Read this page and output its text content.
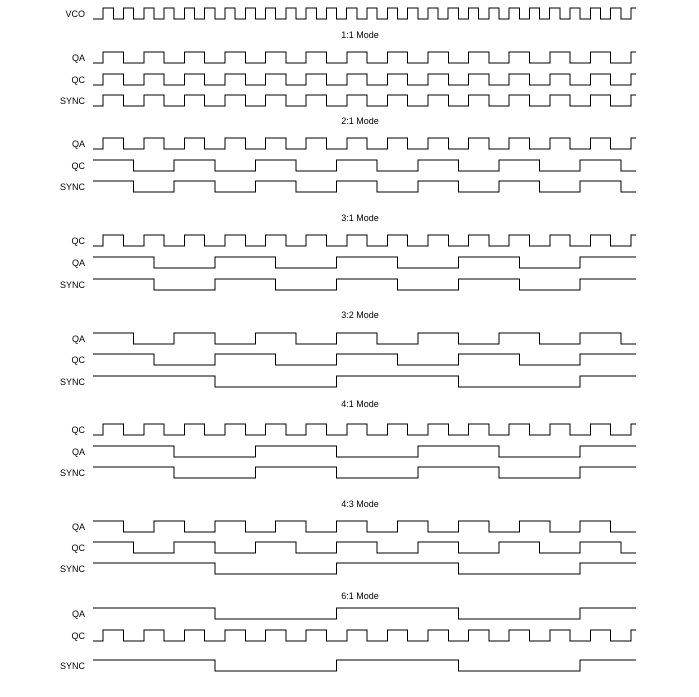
VCO
1:1 Mode
QA
QC
SYNC
2:1 Mode
QA
QC
SYNC
3:1 Mode
QC
QA
SYNC
3:2 Mode
QA
QC
SYNC
4:1 Mode
QC
QA
SYNC
4:3 Mode
QA
QC
SYNC
6:1 Mode
QA
QC
SYNC
